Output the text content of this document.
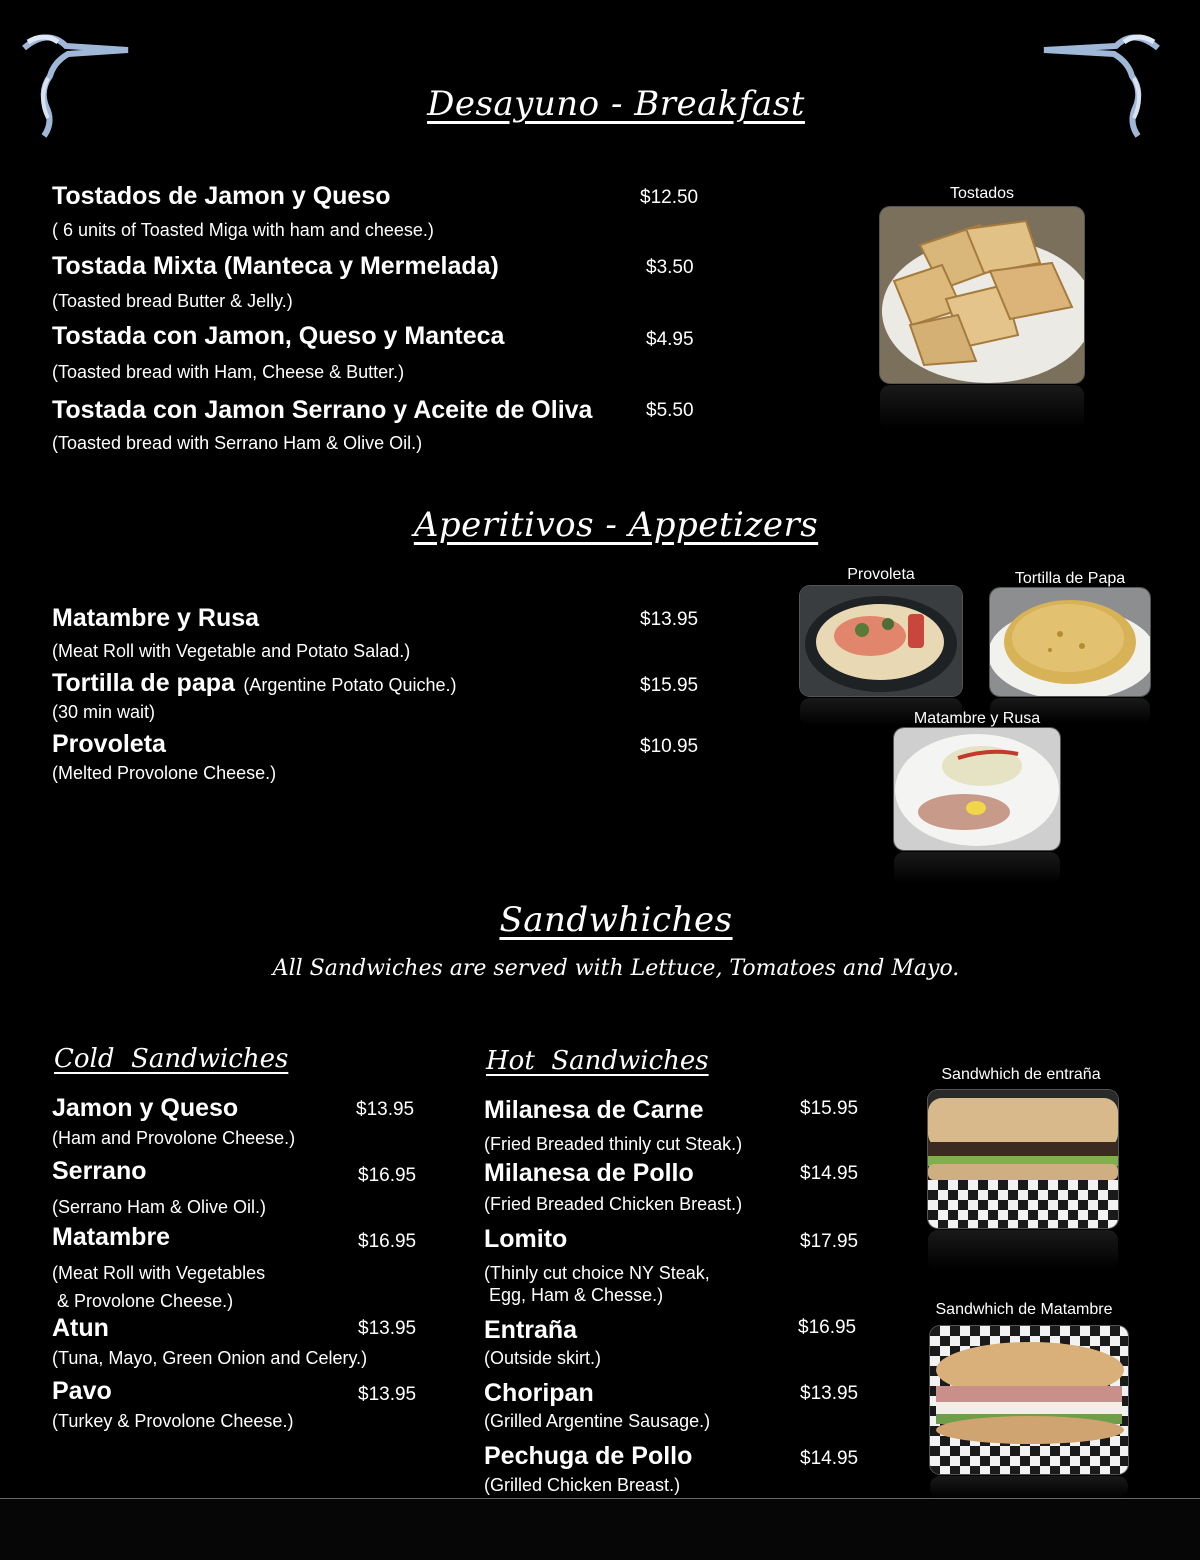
Desayuno - Breakfast
Tostados de Jamon y Queso	$12.50
( 6 units of Toasted Miga with ham and cheese.)
Tostada Mixta (Manteca y Mermelada)	$3.50
(Toasted bread Butter & Jelly.)
Tostada con Jamon, Queso y Manteca	$4.95
(Toasted bread with Ham, Cheese & Butter.)
Tostada con Jamon Serrano y Aceite de Oliva	$5.50
(Toasted bread with Serrano Ham & Olive Oil.)
Tostados
Aperitivos - Appetizers
Matambre y Rusa	$13.95
(Meat Roll with Vegetable and Potato Salad.)
Tortilla de papa (Argentine Potato Quiche.)	$15.95
(30 min wait)
Provoleta	$10.95
(Melted Provolone Cheese.)
Provoleta	Tortilla de Papa
Matambre y Rusa
Sandwhiches
All Sandwiches are served with Lettuce, Tomatoes and Mayo.
Cold  Sandwiches
Jamon y Queso	$13.95
(Ham and Provolone Cheese.)
Serrano	$16.95
(Serrano Ham & Olive Oil.)
Matambre	$16.95
(Meat Roll with Vegetables
& Provolone Cheese.)
Atun	$13.95
(Tuna, Mayo, Green Onion and Celery.)
Pavo	$13.95
(Turkey & Provolone Cheese.)
Hot  Sandwiches
Milanesa de Carne	$15.95
(Fried Breaded thinly cut Steak.)
Milanesa de Pollo	$14.95
(Fried Breaded Chicken Breast.)
Lomito	$17.95
(Thinly cut choice NY Steak,
Egg, Ham & Chesse.)
Entraña	$16.95
(Outside skirt.)
Choripan	$13.95
(Grilled Argentine Sausage.)
Pechuga de Pollo	$14.95
(Grilled Chicken Breast.)
Sandwhich de entraña
Sandwhich de Matambre
